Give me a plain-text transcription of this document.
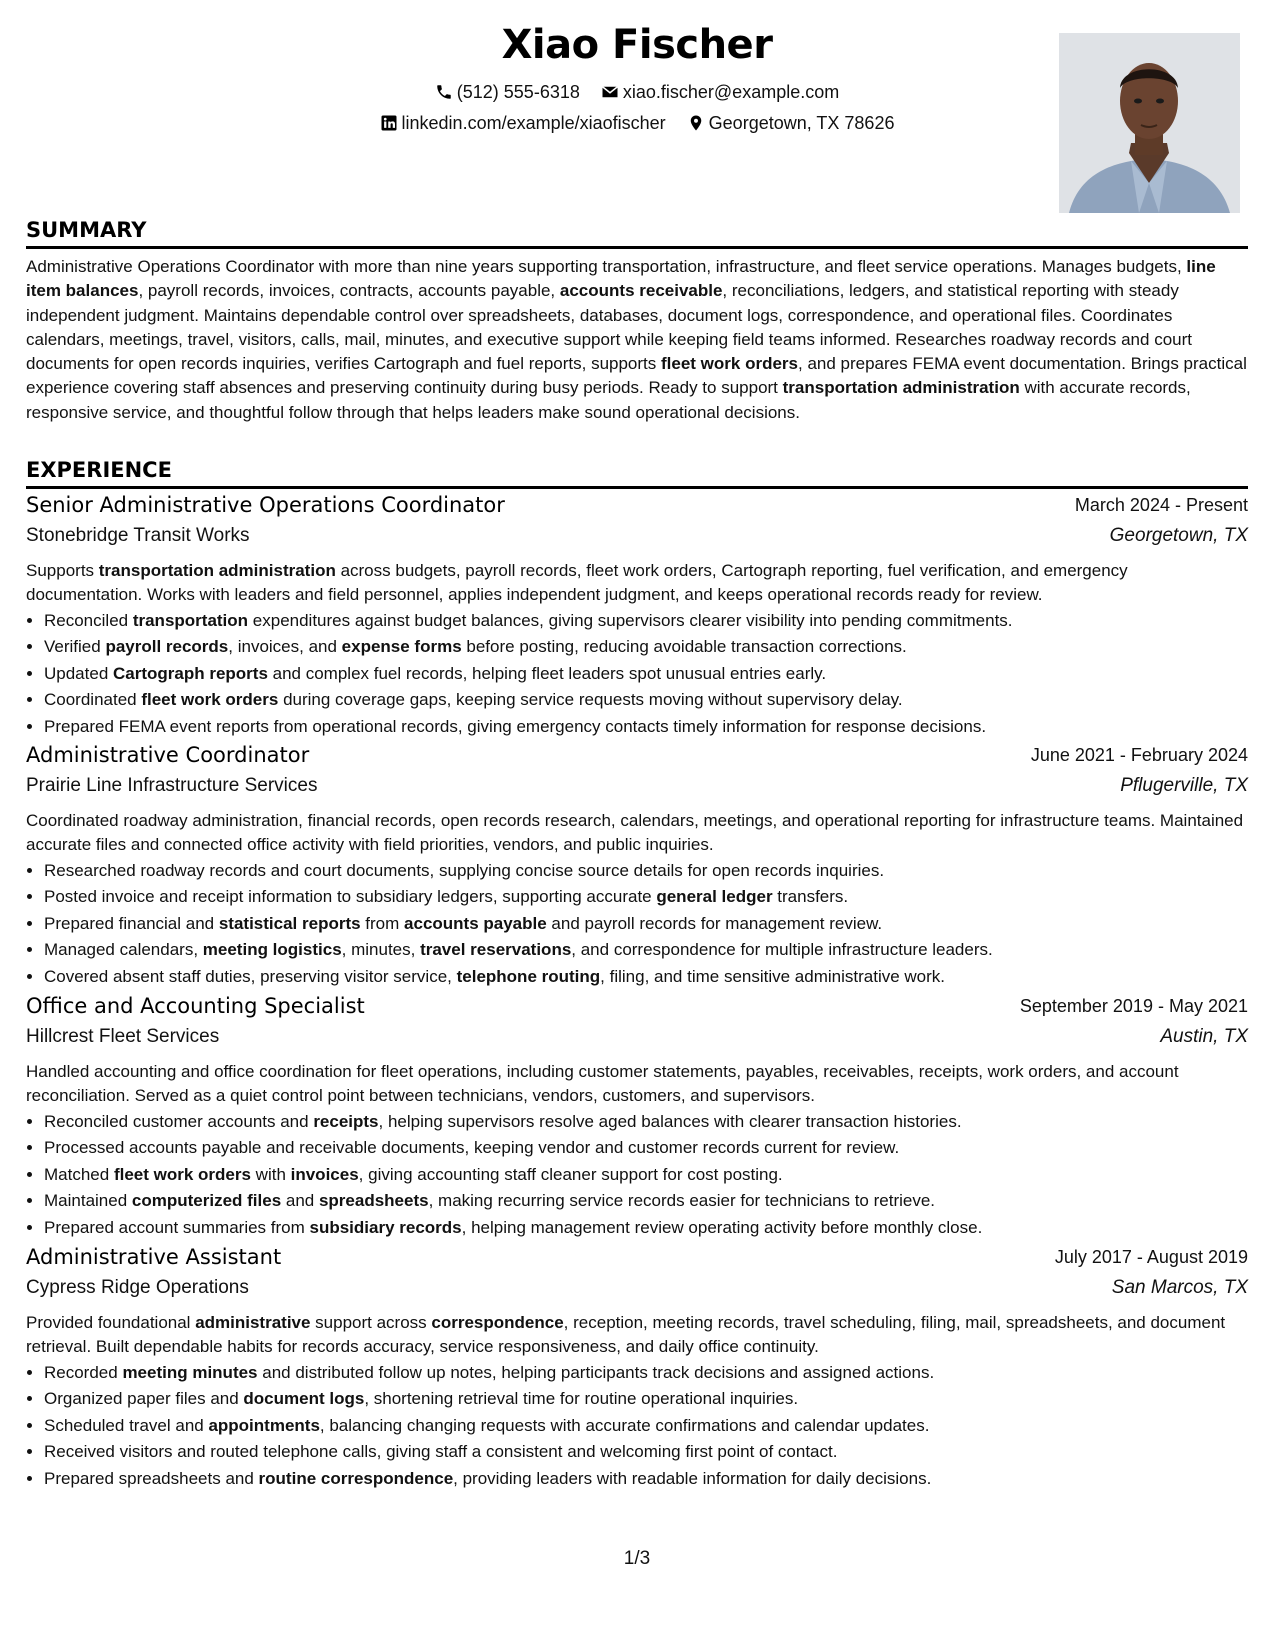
Xiao Fischer
(512) 555-6318
xiao.fischer@example.com
linkedin.com/example/xiaofischer
Georgetown, TX 78626
SUMMARY
Administrative Operations Coordinator with more than nine years supporting transportation, infrastructure, and fleet service operations. Manages budgets, line item balances, payroll records, invoices, contracts, accounts payable, accounts receivable, reconciliations, ledgers, and statistical reporting with steady independent judgment. Maintains dependable control over spreadsheets, databases, document logs, correspondence, and operational files. Coordinates calendars, meetings, travel, visitors, calls, mail, minutes, and executive support while keeping field teams informed. Researches roadway records and court documents for open records inquiries, verifies Cartograph and fuel reports, supports fleet work orders, and prepares FEMA event documentation. Brings practical experience covering staff absences and preserving continuity during busy periods. Ready to support transportation administration with accurate records, responsive service, and thoughtful follow through that helps leaders make sound operational decisions.
EXPERIENCE
Senior Administrative Operations Coordinator	March 2024 - Present
Stonebridge Transit Works	Georgetown, TX
Supports transportation administration across budgets, payroll records, fleet work orders, Cartograph reporting, fuel verification, and emergency documentation. Works with leaders and field personnel, applies independent judgment, and keeps operational records ready for review.
• Reconciled transportation expenditures against budget balances, giving supervisors clearer visibility into pending commitments.
• Verified payroll records, invoices, and expense forms before posting, reducing avoidable transaction corrections.
• Updated Cartograph reports and complex fuel records, helping fleet leaders spot unusual entries early.
• Coordinated fleet work orders during coverage gaps, keeping service requests moving without supervisory delay.
• Prepared FEMA event reports from operational records, giving emergency contacts timely information for response decisions.
Administrative Coordinator	June 2021 - February 2024
Prairie Line Infrastructure Services	Pflugerville, TX
Coordinated roadway administration, financial records, open records research, calendars, meetings, and operational reporting for infrastructure teams. Maintained accurate files and connected office activity with field priorities, vendors, and public inquiries.
• Researched roadway records and court documents, supplying concise source details for open records inquiries.
• Posted invoice and receipt information to subsidiary ledgers, supporting accurate general ledger transfers.
• Prepared financial and statistical reports from accounts payable and payroll records for management review.
• Managed calendars, meeting logistics, minutes, travel reservations, and correspondence for multiple infrastructure leaders.
• Covered absent staff duties, preserving visitor service, telephone routing, filing, and time sensitive administrative work.
Office and Accounting Specialist	September 2019 - May 2021
Hillcrest Fleet Services	Austin, TX
Handled accounting and office coordination for fleet operations, including customer statements, payables, receivables, receipts, work orders, and account reconciliation. Served as a quiet control point between technicians, vendors, customers, and supervisors.
• Reconciled customer accounts and receipts, helping supervisors resolve aged balances with clearer transaction histories.
• Processed accounts payable and receivable documents, keeping vendor and customer records current for review.
• Matched fleet work orders with invoices, giving accounting staff cleaner support for cost posting.
• Maintained computerized files and spreadsheets, making recurring service records easier for technicians to retrieve.
• Prepared account summaries from subsidiary records, helping management review operating activity before monthly close.
Administrative Assistant	July 2017 - August 2019
Cypress Ridge Operations	San Marcos, TX
Provided foundational administrative support across correspondence, reception, meeting records, travel scheduling, filing, mail, spreadsheets, and document retrieval. Built dependable habits for records accuracy, service responsiveness, and daily office continuity.
• Recorded meeting minutes and distributed follow up notes, helping participants track decisions and assigned actions.
• Organized paper files and document logs, shortening retrieval time for routine operational inquiries.
• Scheduled travel and appointments, balancing changing requests with accurate confirmations and calendar updates.
• Received visitors and routed telephone calls, giving staff a consistent and welcoming first point of contact.
• Prepared spreadsheets and routine correspondence, providing leaders with readable information for daily decisions.
1/3
